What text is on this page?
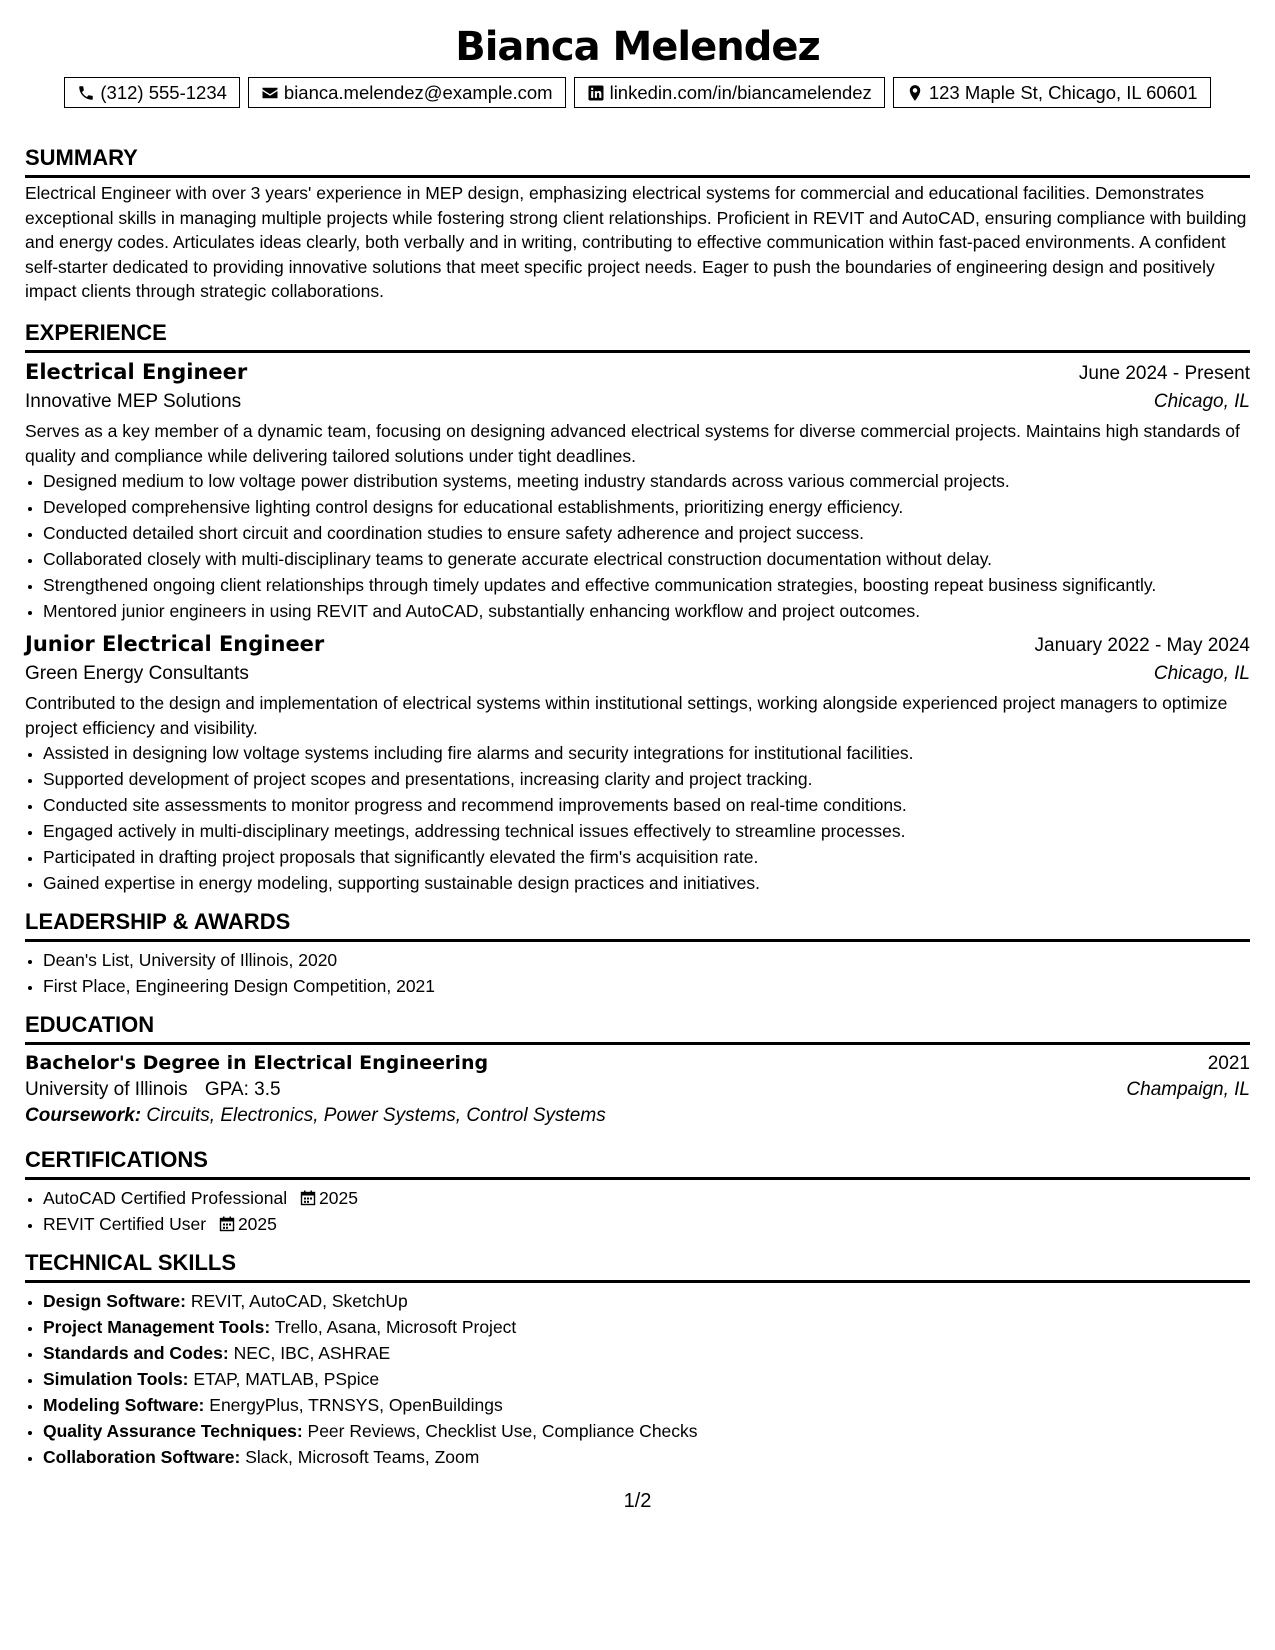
Bianca Melendez
(312) 555-1234	bianca.melendez@example.com	linkedin.com/in/biancamelendez	123 Maple St, Chicago, IL 60601
SUMMARY

Electrical Engineer with over 3 years' experience in MEP design, emphasizing electrical systems for commercial and educational facilities. Demonstrates exceptional skills in managing multiple projects while fostering strong client relationships. Proficient in REVIT and AutoCAD, ensuring compliance with building and energy codes. Articulates ideas clearly, both verbally and in writing, contributing to effective communication within fast-paced environments. A confident self-starter dedicated to providing innovative solutions that meet specific project needs. Eager to push the boundaries of engineering design and positively impact clients through strategic collaborations.

EXPERIENCE
Electrical Engineer	June 2024 - Present
Innovative MEP Solutions	Chicago, IL

Serves as a key member of a dynamic team, focusing on designing advanced electrical systems for diverse commercial projects. Maintains high standards of quality and compliance while delivering tailored solutions under tight deadlines.

• Designed medium to low voltage power distribution systems, meeting industry standards across various commercial projects.
• Developed comprehensive lighting control designs for educational establishments, prioritizing energy efficiency.
• Conducted detailed short circuit and coordination studies to ensure safety adherence and project success.
• Collaborated closely with multi-disciplinary teams to generate accurate electrical construction documentation without delay.
• Strengthened ongoing client relationships through timely updates and effective communication strategies, boosting repeat business significantly.
• Mentored junior engineers in using REVIT and AutoCAD, substantially enhancing workflow and project outcomes.
Junior Electrical Engineer	January 2022 - May 2024
Green Energy Consultants	Chicago, IL

Contributed to the design and implementation of electrical systems within institutional settings, working alongside experienced project managers to optimize project efficiency and visibility.

• Assisted in designing low voltage systems including fire alarms and security integrations for institutional facilities.
• Supported development of project scopes and presentations, increasing clarity and project tracking.
• Conducted site assessments to monitor progress and recommend improvements based on real-time conditions.
• Engaged actively in multi-disciplinary meetings, addressing technical issues effectively to streamline processes.
• Participated in drafting project proposals that significantly elevated the firm's acquisition rate.
• Gained expertise in energy modeling, supporting sustainable design practices and initiatives.
LEADERSHIP & AWARDS
• Dean's List, University of Illinois, 2020
• First Place, Engineering Design Competition, 2021
EDUCATION
Bachelor's Degree in Electrical Engineering	2021
University of Illinois GPA: 3.5	Champaign, IL
Coursework: Circuits, Electronics, Power Systems, Control Systems
CERTIFICATIONS
• AutoCAD Certified Professional 2025
• REVIT Certified User 2025
TECHNICAL SKILLS
• Design Software: REVIT, AutoCAD, SketchUp
• Project Management Tools: Trello, Asana, Microsoft Project
• Standards and Codes: NEC, IBC, ASHRAE
• Simulation Tools: ETAP, MATLAB, PSpice
• Modeling Software: EnergyPlus, TRNSYS, OpenBuildings
• Quality Assurance Techniques: Peer Reviews, Checklist Use, Compliance Checks
• Collaboration Software: Slack, Microsoft Teams, Zoom
1/2
